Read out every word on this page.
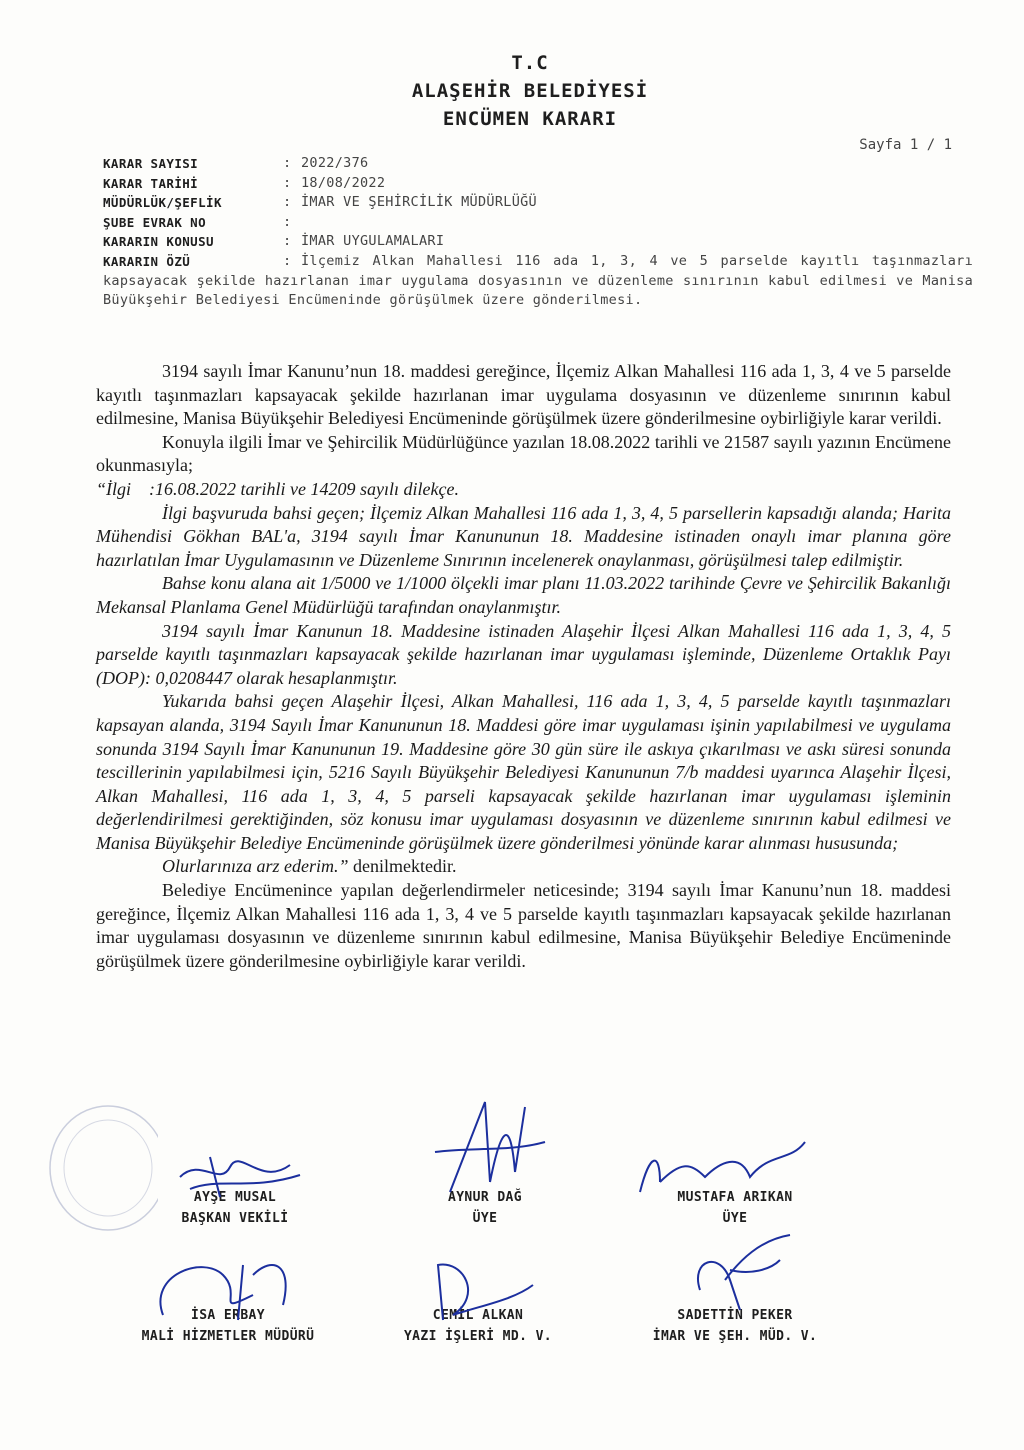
T.C
ALAŞEHİR BELEDİYESİ
ENCÜMEN KARARI
Sayfa 1 / 1
KARAR SAYISI	: 2022/376
KARAR TARİHİ	: 18/08/2022
MÜDÜRLÜK/ŞEFLİK	: İMAR VE ŞEHİRCİLİK MÜDÜRLÜĞÜ
ŞUBE EVRAK NO	:
KARARIN KONUSU	: İMAR UYGULAMALARI
KARARIN ÖZÜ	: İlçemiz Alkan Mahallesi 116 ada 1, 3, 4 ve 5 parselde kayıtlı taşınmazları kapsayacak şekilde hazırlanan imar uygulama dosyasının ve düzenleme sınırının kabul edilmesi ve Manisa Büyükşehir Belediyesi Encümeninde görüşülmek üzere gönderilmesi.

3194 sayılı İmar Kanunu’nun 18. maddesi gereğince, İlçemiz Alkan Mahallesi 116 ada 1, 3, 4 ve 5 parselde kayıtlı taşınmazları kapsayacak şekilde hazırlanan imar uygulama dosyasının ve düzenleme sınırının kabul edilmesine, Manisa Büyükşehir Belediyesi Encümeninde görüşülmek üzere gönderilmesine oybirliğiyle karar verildi.

Konuyla ilgili İmar ve Şehircilik Müdürlüğünce yazılan 18.08.2022 tarihli ve 21587 sayılı yazının Encümene okunmasıyla;

“İlgi    :16.08.2022 tarihli ve 14209 sayılı dilekçe.

İlgi başvuruda bahsi geçen; İlçemiz Alkan Mahallesi 116 ada 1, 3, 4, 5 parsellerin kapsadığı alanda; Harita Mühendisi Gökhan BAL'a, 3194 sayılı İmar Kanununun 18. Maddesine istinaden onaylı imar planına göre hazırlatılan İmar Uygulamasının ve Düzenleme Sınırının incelenerek onaylanması, görüşülmesi talep edilmiştir.

Bahse konu alana ait 1/5000 ve 1/1000 ölçekli imar planı 11.03.2022 tarihinde Çevre ve Şehircilik Bakanlığı Mekansal Planlama Genel Müdürlüğü tarafından onaylanmıştır.

3194 sayılı İmar Kanunun 18. Maddesine istinaden Alaşehir İlçesi Alkan Mahallesi 116 ada 1, 3, 4, 5 parselde kayıtlı taşınmazları kapsayacak şekilde hazırlanan imar uygulaması işleminde, Düzenleme Ortaklık Payı (DOP): 0,0208447 olarak hesaplanmıştır.

Yukarıda bahsi geçen Alaşehir İlçesi, Alkan Mahallesi, 116 ada 1, 3, 4, 5 parselde kayıtlı taşınmazları kapsayan alanda, 3194 Sayılı İmar Kanununun 18. Maddesi göre imar uygulaması işinin yapılabilmesi ve uygulama sonunda 3194 Sayılı İmar Kanununun 19. Maddesine göre 30 gün süre ile askıya çıkarılması ve askı süresi sonunda tescillerinin yapılabilmesi için, 5216 Sayılı Büyükşehir Belediyesi Kanununun 7/b maddesi uyarınca Alaşehir İlçesi, Alkan Mahallesi, 116 ada 1, 3, 4, 5 parseli kapsayacak şekilde hazırlanan imar uygulaması işleminin değerlendirilmesi gerektiğinden, söz konusu imar uygulaması dosyasının ve düzenleme sınırının kabul edilmesi ve Manisa Büyükşehir Belediye Encümeninde görüşülmek üzere gönderilmesi yönünde karar alınması hususunda;

Olurlarınıza arz ederim.” denilmektedir.

Belediye Encümenince yapılan değerlendirmeler neticesinde; 3194 sayılı İmar Kanunu’nun 18. maddesi gereğince, İlçemiz Alkan Mahallesi 116 ada 1, 3, 4 ve 5 parselde kayıtlı taşınmazları kapsayacak şekilde hazırlanan imar uygulaması dosyasının ve düzenleme sınırının kabul edilmesine, Manisa Büyükşehir Belediye Encümeninde görüşülmek üzere gönderilmesine oybirliğiyle karar verildi.

AYŞE MUSAL
BAŞKAN VEKİLİ
AYNUR DAĞ
ÜYE
MUSTAFA ARIKAN
ÜYE
İSA ERBAY
MALİ HİZMETLER MÜDÜRÜ
CEMİL ALKAN
YAZI İŞLERİ MD. V.
SADETTİN PEKER
İMAR VE ŞEH. MÜD. V.
